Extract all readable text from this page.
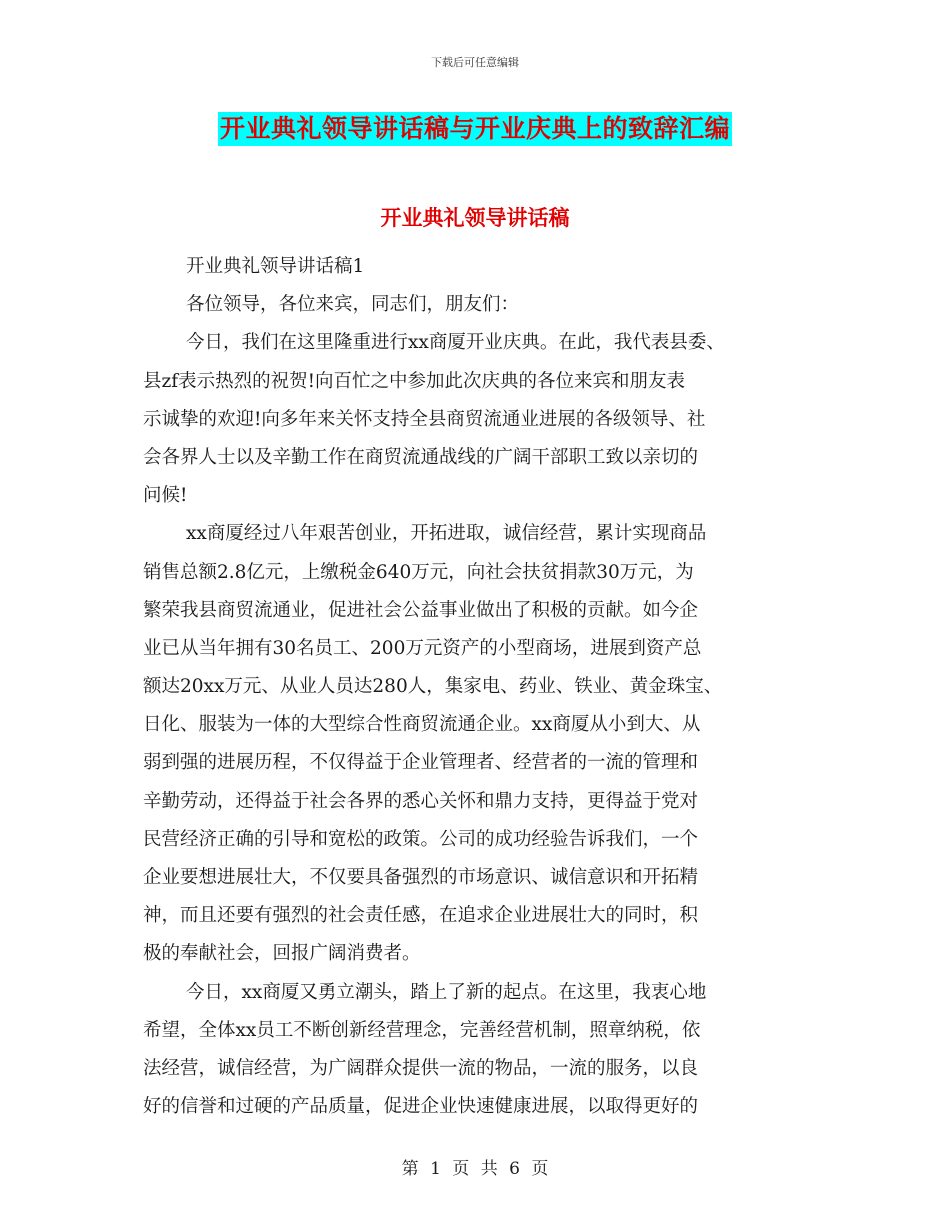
下载后可任意编辑
开业典礼领导讲话稿与开业庆典上的致辞汇编
开业典礼领导讲话稿
开业典礼领导讲话稿1
各位领导，各位来宾，同志们，朋友们：
今日，我们在这里隆重进行xx商厦开业庆典。在此，我代表县委、
县zf表示热烈的祝贺!向百忙之中参加此次庆典的各位来宾和朋友表
示诚挚的欢迎!向多年来关怀支持全县商贸流通业进展的各级领导、社
会各界人士以及辛勤工作在商贸流通战线的广阔干部职工致以亲切的
问候!
xx商厦经过八年艰苦创业，开拓进取，诚信经营，累计实现商品
销售总额2.8亿元，上缴税金640万元，向社会扶贫捐款30万元，为
繁荣我县商贸流通业，促进社会公益事业做出了积极的贡献。如今企
业已从当年拥有30名员工、200万元资产的小型商场，进展到资产总
额达20xx万元、从业人员达280人，集家电、药业、铁业、黄金珠宝、
日化、服装为一体的大型综合性商贸流通企业。xx商厦从小到大、从
弱到强的进展历程，不仅得益于企业管理者、经营者的一流的管理和
辛勤劳动，还得益于社会各界的悉心关怀和鼎力支持，更得益于党对
民营经济正确的引导和宽松的政策。公司的成功经验告诉我们，一个
企业要想进展壮大，不仅要具备强烈的市场意识、诚信意识和开拓精
神，而且还要有强烈的社会责任感，在追求企业进展壮大的同时，积
极的奉献社会，回报广阔消费者。
今日，xx商厦又勇立潮头，踏上了新的起点。在这里，我衷心地
希望，全体xx员工不断创新经营理念，完善经营机制，照章纳税，依
法经营，诚信经营，为广阔群众提供一流的物品，一流的服务，以良
好的信誉和过硬的产品质量，促进企业快速健康进展，以取得更好的
第 1 页 共 6 页
